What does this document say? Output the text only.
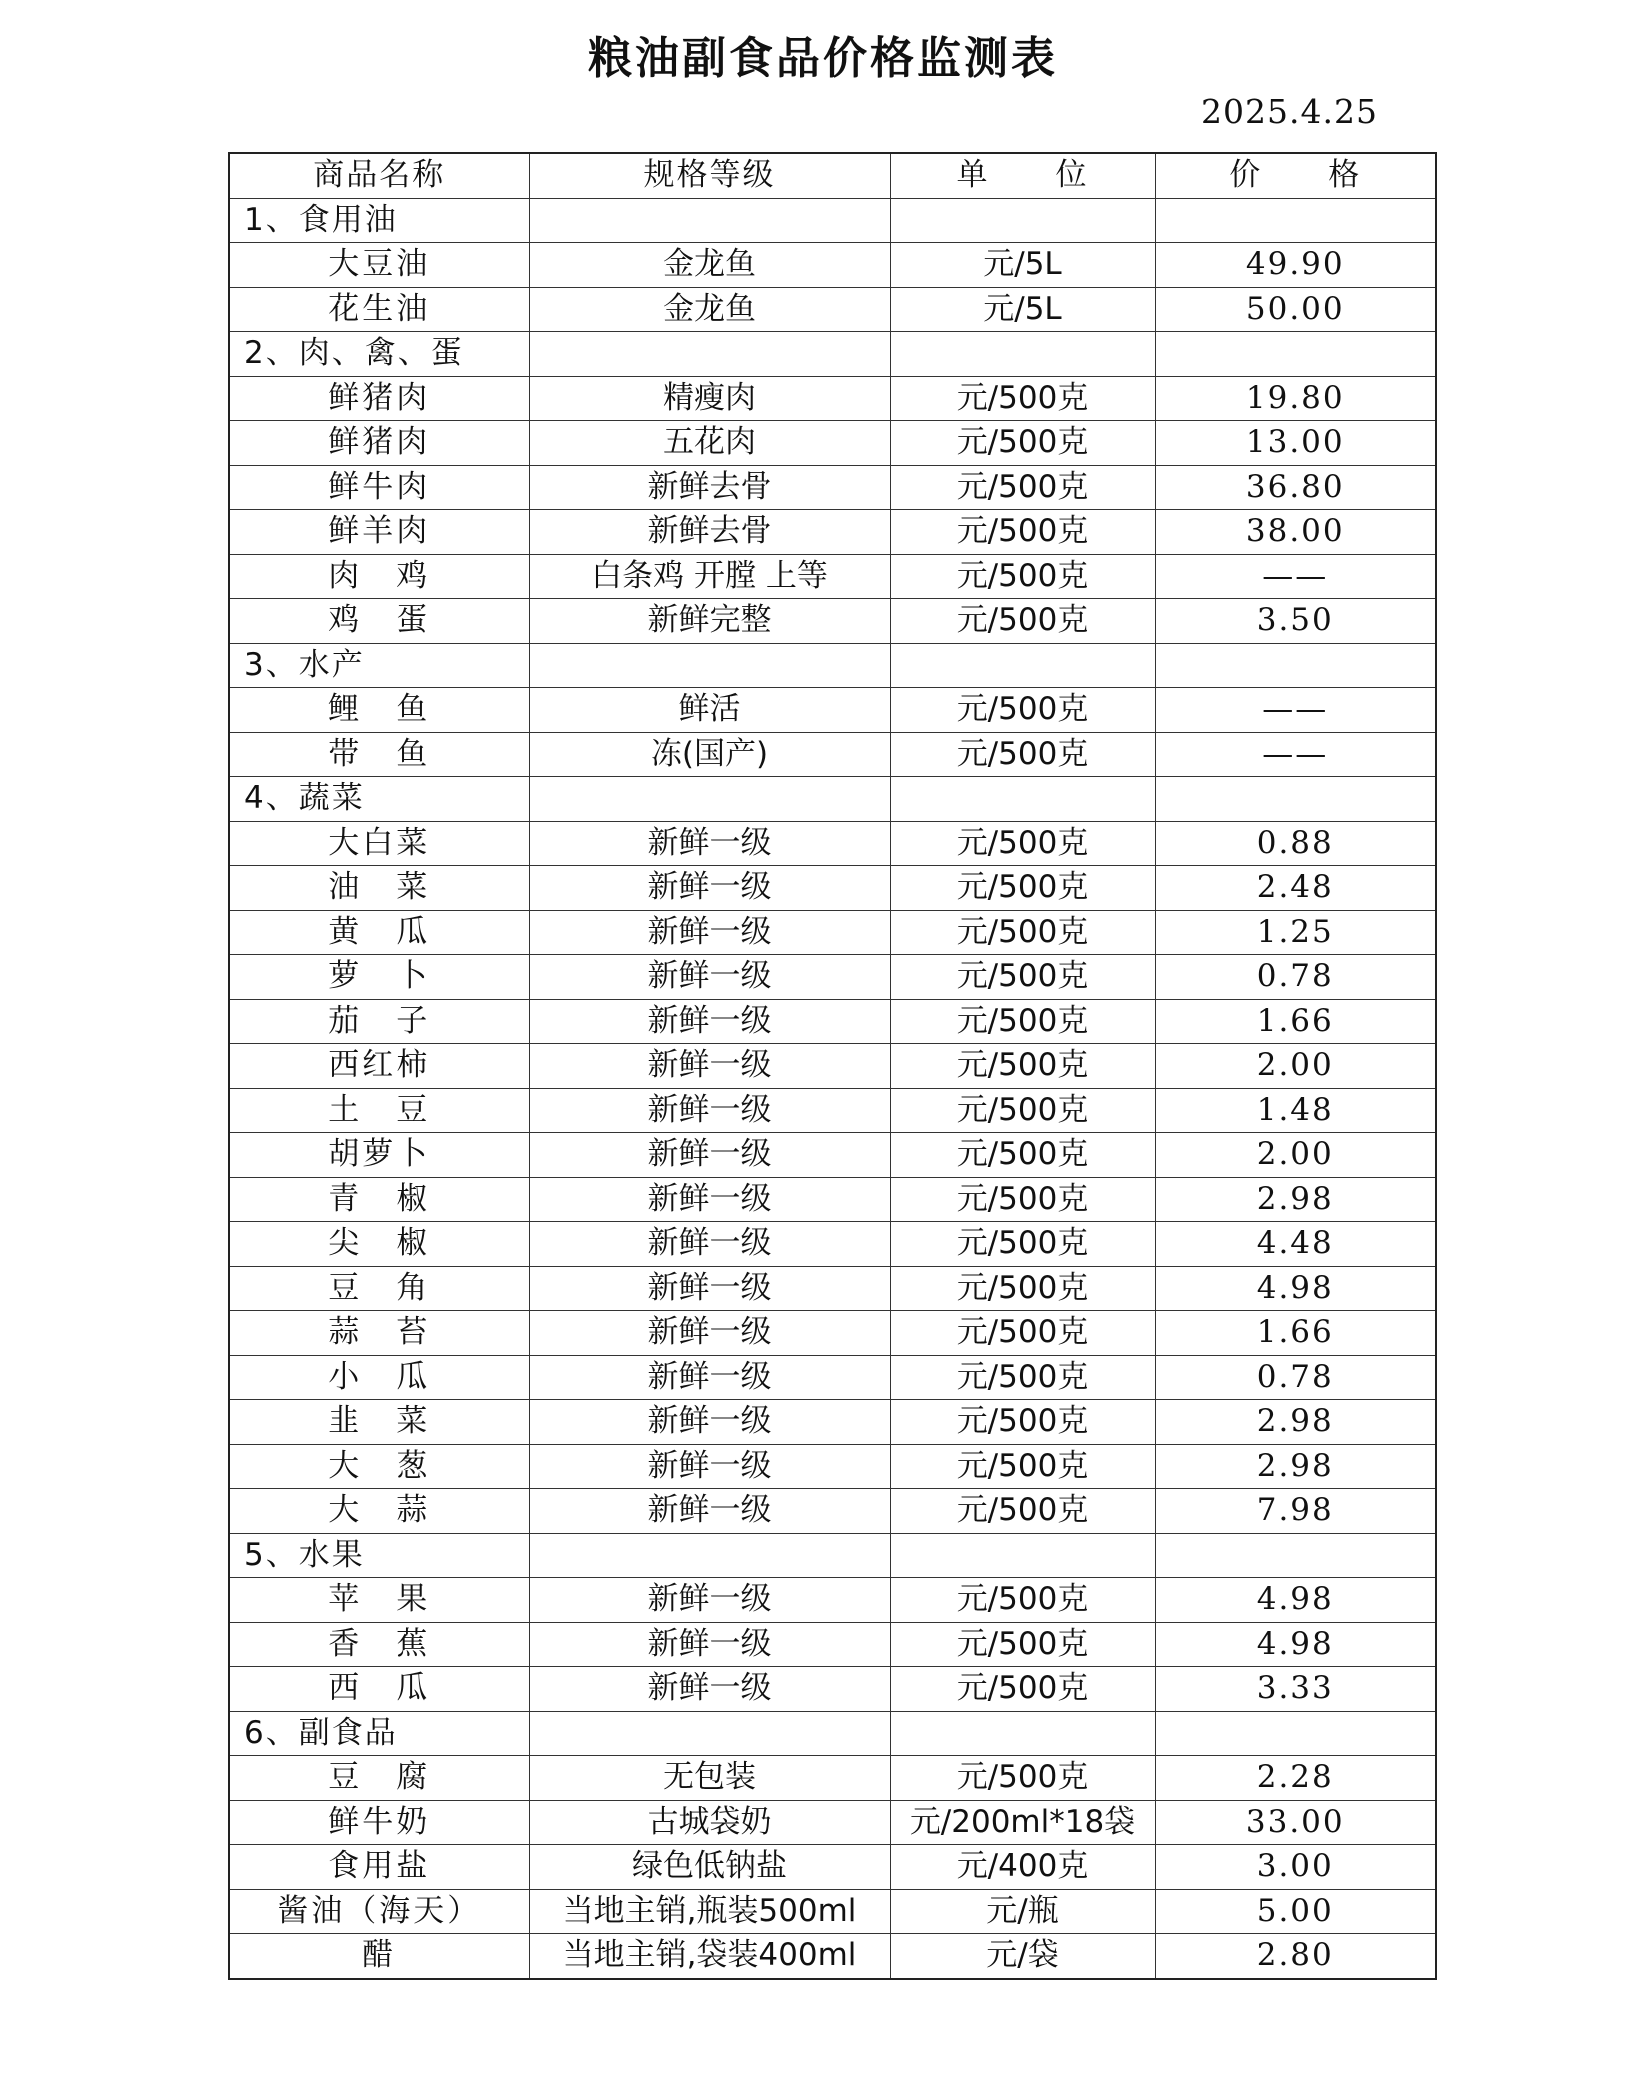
粮油副食品价格监测表
2025.4.25
商品名称	规格等级	单　　位	价　　格
1、食用油			
大豆油	金龙鱼	元/5L	49.90
花生油	金龙鱼	元/5L	50.00
2、肉、禽、蛋			
鲜猪肉	精瘦肉	元/500克	19.80
鲜猪肉	五花肉	元/500克	13.00
鲜牛肉	新鲜去骨	元/500克	36.80
鲜羊肉	新鲜去骨	元/500克	38.00
肉　鸡	白条鸡 开膛 上等	元/500克	——
鸡　蛋	新鲜完整	元/500克	3.50
3、水产			
鲤　鱼	鲜活	元/500克	——
带　鱼	冻(国产)	元/500克	——
4、蔬菜			
大白菜	新鲜一级	元/500克	0.88
油　菜	新鲜一级	元/500克	2.48
黄　瓜	新鲜一级	元/500克	1.25
萝　卜	新鲜一级	元/500克	0.78
茄　子	新鲜一级	元/500克	1.66
西红柿	新鲜一级	元/500克	2.00
土　豆	新鲜一级	元/500克	1.48
胡萝卜	新鲜一级	元/500克	2.00
青　椒	新鲜一级	元/500克	2.98
尖　椒	新鲜一级	元/500克	4.48
豆　角	新鲜一级	元/500克	4.98
蒜　苔	新鲜一级	元/500克	1.66
小　瓜	新鲜一级	元/500克	0.78
韭　菜	新鲜一级	元/500克	2.98
大　葱	新鲜一级	元/500克	2.98
大　蒜	新鲜一级	元/500克	7.98
5、水果			
苹　果	新鲜一级	元/500克	4.98
香　蕉	新鲜一级	元/500克	4.98
西　瓜	新鲜一级	元/500克	3.33
6、副食品			
豆　腐	无包装	元/500克	2.28
鲜牛奶	古城袋奶	元/200ml*18袋	33.00
食用盐	绿色低钠盐	元/400克	3.00
酱油（海天）	当地主销,瓶装500ml	元/瓶	5.00
醋	当地主销,袋装400ml	元/袋	2.80
